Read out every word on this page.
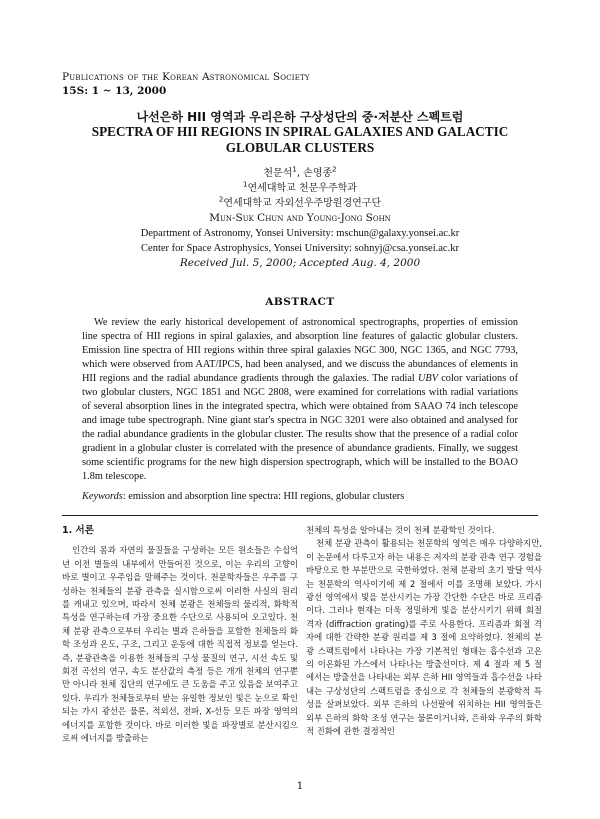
Publications of the Korean Astronomical Society
15S: 1 ~ 13, 2000
나선은하 HII 영역과 우리은하 구상성단의 중·저분산 스펙트럼
SPECTRA OF HII REGIONS IN SPIRAL GALAXIES AND GALACTIC
GLOBULAR CLUSTERS
천문석$^1$, 손영종$^2$
$^1$연세대학교 천문우주학과
$^2$연세대학교 자외선우주망원경연구단
Mun-Suk Chun and Young-Jong Sohn
Department of Astronomy, Yonsei University: mschun@galaxy.yonsei.ac.kr
Center for Space Astrophysics, Yonsei University: sohnyj@csa.yonsei.ac.kr
Received Jul. 5, 2000; Accepted Aug. 4, 2000
ABSTRACT
We review the early historical developement of astronomical spectrographs, properties of emission line spectra of HII regions in spiral galaxies, and absorption line features of galactic globular clusters. Emission line spectra of HII regions within three spiral galaxies NGC 300, NGC 1365, and NGC 7793, which were observed from AAT/IPCS, had been analysed, and we discuss the abundances of elements in HII regions and the radial abundance gradients through the galaxies. The radial UBV color variations of two globular clusters, NGC 1851 and NGC 2808, were examined for correlations with radial variations of several absorption lines in the integrated spectra, which were obtained from SAAO 74 inch telescope and image tube spectrograph. Nine giant star's spectra in NGC 3201 were also obtained and analysed for the radial abundance gradients in the globular cluster. The results show that the presence of a radial color gradient in a globular cluster is correlated with the presence of abundance gradients. Finally, we suggest some scientific programs for the new high dispersion spectrograph, which will be installed to the BOAO 1.8m telescope.
Keywords: emission and absorption line spectra: HII regions, globular clusters
1. 서론

인간의 몸과 자연의 물질들을 구성하는 모든 원소들은 수십억년 이전 별들의 내부에서 만들어진 것으로, 이는 우리의 고향이 바로 별이고 우주임을 말해주는 것이다. 천문학자들은 우주를 구성하는 천체들의 분광 관측을 실시함으로써 이러한 사실의 원리를 캐내고 있으며, 따라서 천체 분광은 천체들의 물리적, 화학적 특성을 연구하는데 가장 중요한 수단으로 사용되어 오고있다. 천체 분광 관측으로부터 우리는 별과 은하들을 포함한 천체들의 화학 조성과 온도, 구조, 그리고 운동에 대한 직접적 정보를 얻는다. 즉, 분광관측을 이용한 천체들의 구성 물질의 연구, 시선 속도 및 회전 곡선의 연구, 속도 분산값의 측정 등은 개개 천체의 연구뿐만 아니라 천체 집단의 연구에도 큰 도움을 주고 있음을 보여주고 있다. 우리가 천체들로부터 받는 유일한 정보인 빛은 눈으로 확인되는 가시 광선은 물론, 적외선, 전파, X-선등 모든 파장 영역의 에너지를 포함한 것이다. 바로 이러한 빛을 파장별로 분산시킴으로써 에너지를 방출하는

천체의 특성을 알아내는 것이 천체 분광학인 것이다.

천체 분광 관측이 활용되는 천문학의 영역은 매우 다양하지만, 이 논문에서 다루고자 하는 내용은 저자의 분광 관측 연구 경험을 바탕으로 한 부분만으로 국한하였다. 천체 분광의 초기 발달 역사는 천문학의 역사이기에 제 2 절에서 이를 조명해 보았다. 가시 광선 영역에서 빛을 분산시키는 가장 간단한 수단은 바로 프리즘이다. 그러나 현재는 더욱 정밀하게 빛을 분산시키기 위해 회절 격자 (diffraction grating)를 주로 사용한다. 프리즘과 회절 격자에 대한 간략한 분광 원리를 제 3 절에 요약하였다. 천체의 분광 스펙트럼에서 나타나는 가장 기본적인 형태는 흡수선과 고온의 이온화된 가스에서 나타나는 방출선이다. 제 4 절과 제 5 절 에서는 방출선을 나타내는 외부 은하 HII 영역들과 흡수선을 나타내는 구상성단의 스펙트럼을 중심으로 각 천체들의 분광학적 특성을 살펴보았다. 외부 은하의 나선팔에 위치하는 HII 영역들은 외부 은하의 화학 조성 연구는 물론이거니와, 은하와 우주의 화학적 진화에 관한 결정적인

1
